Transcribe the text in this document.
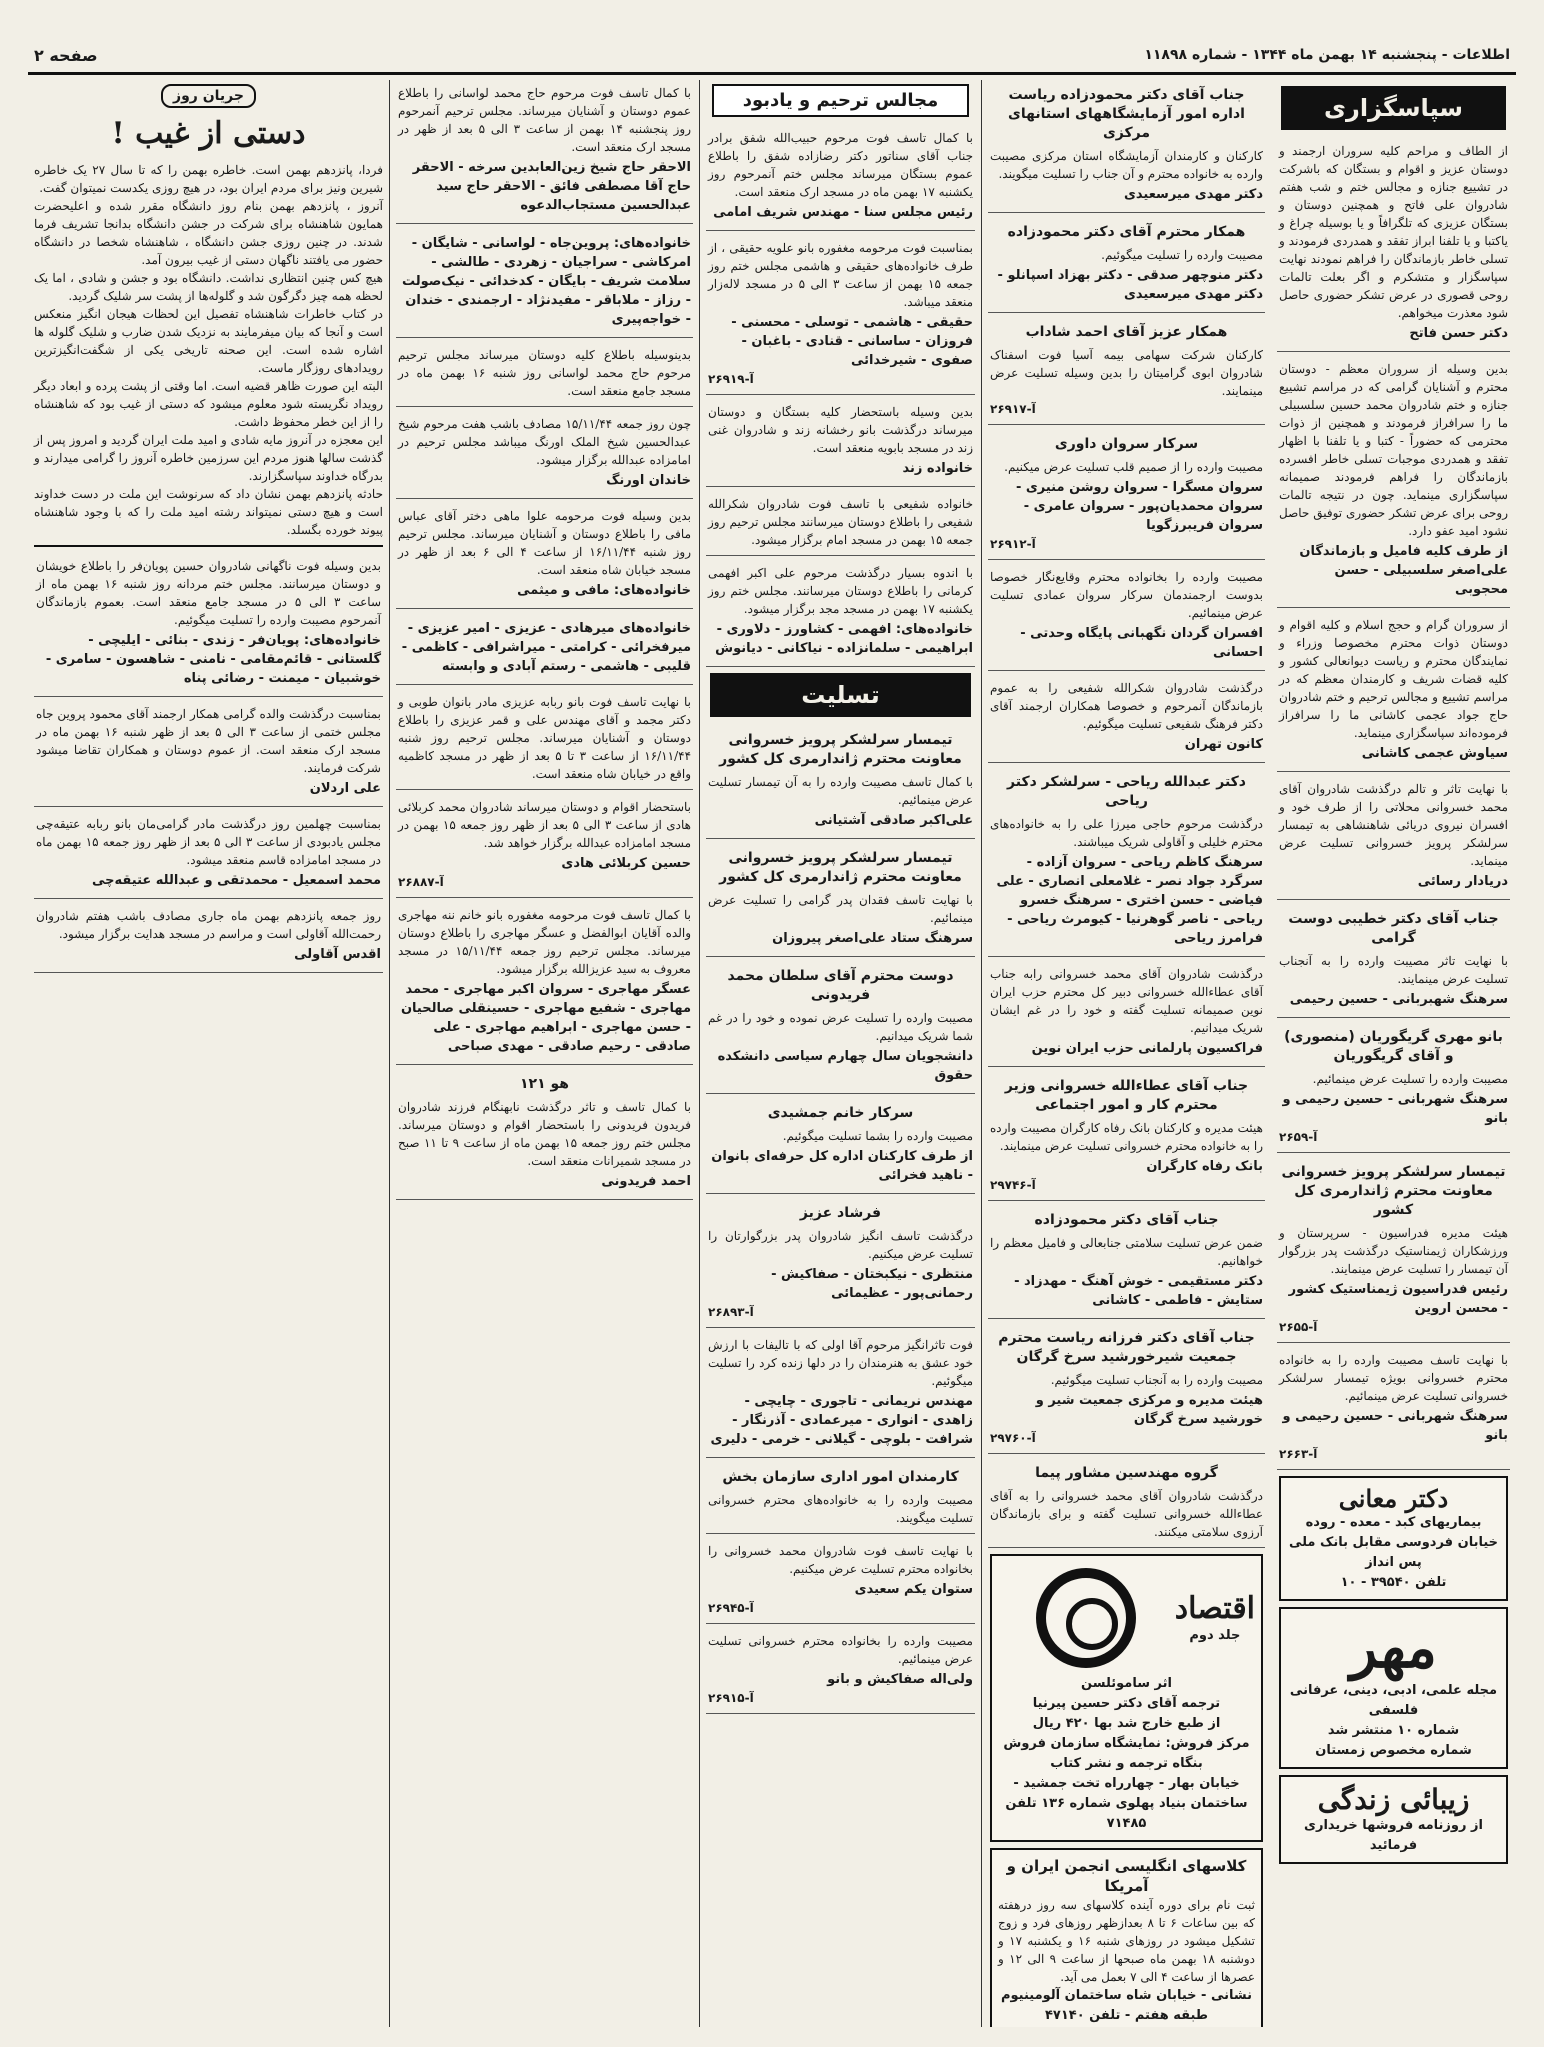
اطلاعات - پنجشنبه ۱۴ بهمن ماه ۱۳۴۴ - شماره ۱۱۸۹۸
صفحه ۲
جریان روز
دستی از غیب !

فردا، پانزدهم بهمن است. خاطره بهمن را که تا سال ۲۷ یک خاطره شیرین ونیز برای مردم ایران بود، در هیچ روزی یکدست نمیتوان گفت.

آنروز ، پانزدهم بهمن بنام روز دانشگاه مقرر شده و اعلیحضرت همایون شاهنشاه برای شرکت در جشن دانشگاه بدانجا تشریف فرما شدند. در چنین روزی جشن دانشگاه ، شاهنشاه شخصا در دانشگاه حضور می یافتند ناگهان دستی از غیب بیرون آمد.

هیچ کس چنین انتظاری نداشت. دانشگاه بود و جشن و شادی ، اما یک لحظه همه چیز دگرگون شد و گلوله‌ها از پشت سر شلیک گردید.

در کتاب خاطرات شاهنشاه تفصیل این لحظات هیجان انگیز منعکس است و آنجا که بیان میفرمایند به نزدیک شدن ضارب و شلیک گلوله ها اشاره شده است. این صحنه تاریخی یکی از شگفت‌انگیزترین رویدادهای روزگار ماست.

البته این صورت ظاهر قضیه است. اما وقتی از پشت پرده و ابعاد دیگر رویداد نگریسته شود معلوم میشود که دستی از غیب بود که شاهنشاه را از این خطر محفوظ داشت.

این معجزه در آنروز مایه شادی و امید ملت ایران گردید و امروز پس از گذشت سالها هنوز مردم این سرزمین خاطره آنروز را گرامی میدارند و بدرگاه خداوند سپاسگزارند.

حادثه پانزدهم بهمن نشان داد که سرنوشت این ملت در دست خداوند است و هیچ دستی نمیتواند رشته امید ملت را که با وجود شاهنشاه پیوند خورده بگسلد.

بدین وسیله فوت ناگهانی شادروان حسین پویان‌فر را باطلاع خویشان و دوستان میرسانند. مجلس ختم مردانه روز شنبه ۱۶ بهمن ماه از ساعت ۳ الی ۵ در مسجد جامع منعقد است. بعموم بازماندگان آنمرحوم مصیبت وارده را تسلیت میگوئیم.

خانواده‌های: پویان‌فر - زندی - بنائی - ایلیچی - گلستانی - قائم‌مقامی - نامنی - شاهسون - سامری - خوشبیان - میمنت - رضائی پناه

بمناسبت درگذشت والده گرامی همکار ارجمند آقای محمود پروین جاه مجلس ختمی از ساعت ۳ الی ۵ بعد از ظهر شنبه ۱۶ بهمن ماه در مسجد ارک منعقد است. از عموم دوستان و همکاران تقاضا میشود شرکت فرمایند.

علی اردلان

بمناسبت چهلمین روز درگذشت مادر گرامی‌مان بانو ربابه عتیقه‌چی مجلس یادبودی از ساعت ۳ الی ۵ بعد از ظهر روز جمعه ۱۵ بهمن ماه در مسجد امامزاده قاسم منعقد میشود.

محمد اسمعیل - محمدتقی و عبدالله عتیقه‌چی

روز جمعه پانزدهم بهمن ماه جاری مصادف باشب هفتم شادروان رحمت‌الله آقاولی است و مراسم در مسجد هدایت برگزار میشود.

اقدس آقاولی

با کمال تاسف فوت مرحوم حاج محمد لواسانی را باطلاع عموم دوستان و آشنایان میرساند. مجلس ترحیم آنمرحوم روز پنجشنبه ۱۴ بهمن از ساعت ۳ الی ۵ بعد از ظهر در مسجد ارک منعقد است.

الاحقر حاج شیخ زین‌العابدین سرخه - الاحقر حاج آقا مصطفی فائق - الاحقر حاج سید عبدالحسین مستجاب‌الدعوه
خانواده‌های: پروین‌جاه - لواسانی - شایگان - امرکاشی - سراجیان - زهردی - طالشی - سلامت شریف - بایگان - کدخدائی - نیک‌صولت - رزاز - ملاباقر - مفیدنژاد - ارجمندی - خندان - خواجه‌پیری

بدینوسیله باطلاع کلیه دوستان میرساند مجلس ترحیم مرحوم حاج محمد لواسانی روز شنبه ۱۶ بهمن ماه در مسجد جامع منعقد است.

چون روز جمعه ۱۵/۱۱/۴۴ مصادف باشب هفت مرحوم شیخ عبدالحسین شیخ الملک اورنگ میباشد مجلس ترحیم در امامزاده عبدالله برگزار میشود.

خاندان اورنگ

بدین وسیله فوت مرحومه علوا ماهی دختر آقای عباس مافی را باطلاع دوستان و آشنایان میرساند. مجلس ترحیم روز شنبه ۱۶/۱۱/۴۴ از ساعت ۴ الی ۶ بعد از ظهر در مسجد خیابان شاه منعقد است.

خانواده‌های: مافی و میثمی
خانواده‌های میرهادی - عزیزی - امیر عزیزی - میرفخرائی - کرامتی - میراشرافی - کاظمی - قلیبی - هاشمی - رستم آبادی و وابسته

با نهایت تاسف فوت بانو ربابه عزیزی مادر بانوان طوبی و دکتر مجمد و آقای مهندس علی و قمر عزیزی را باطلاع دوستان و آشنایان میرساند. مجلس ترحیم روز شنبه ۱۶/۱۱/۴۴ از ساعت ۳ تا ۵ بعد از ظهر در مسجد کاظمیه واقع در خیابان شاه منعقد است.

باستحضار اقوام و دوستان میرساند شادروان محمد کربلائی هادی از ساعت ۳ الی ۵ بعد از ظهر روز جمعه ۱۵ بهمن در مسجد امامزاده عبدالله برگزار خواهد شد.

حسین کربلائی هادی
آ-۲۶۸۸۷

با کمال تاسف فوت مرحومه مغفوره بانو خانم ننه مهاجری والده آقایان ابوالفضل و عسگر مهاجری را باطلاع دوستان میرساند. مجلس ترحیم روز جمعه ۱۵/۱۱/۴۴ در مسجد معروف به سید عزیزالله برگزار میشود.

عسگر مهاجری - سروان اکبر مهاجری - محمد مهاجری - شفیع مهاجری - حسینقلی صالحیان - حسن مهاجری - ابراهیم مهاجری - علی صادقی - رحیم صادقی - مهدی صباحی
هو ۱۲۱

با کمال تاسف و تاثر درگذشت نابهنگام فرزند شادروان فریدون فریدونی را باستحضار اقوام و دوستان میرساند. مجلس ختم روز جمعه ۱۵ بهمن ماه از ساعت ۹ تا ۱۱ صبح در مسجد شمیرانات منعقد است.

احمد فریدونی
مجالس ترحیم و یادبود

با کمال تاسف فوت مرحوم حبیب‌الله شفق برادر جناب آقای سناتور دکتر رضازاده شفق را باطلاع عموم بستگان میرساند مجلس ختم آنمرحوم روز یکشنبه ۱۷ بهمن ماه در مسجد ارک منعقد است.

رئیس مجلس سنا - مهندس شریف امامی

بمناسبت فوت مرحومه مغفوره بانو علویه حقیقی ، از طرف خانواده‌های حقیقی و هاشمی مجلس ختم روز جمعه ۱۵ بهمن از ساعت ۳ الی ۵ در مسجد لاله‌زار منعقد میباشد.

حقیقی - هاشمی - توسلی - محسنی - فروزان - ساسانی - قنادی - باغبان - صفوی - شیرخدائی
آ-۲۶۹۱۹

بدین وسیله باستحضار کلیه بستگان و دوستان میرساند درگذشت بانو رخشانه زند و شادروان غنی زند در مسجد بابویه منعقد است.

خانواده زند

خانواده شفیعی با تاسف فوت شادروان شکرالله شفیعی را باطلاع دوستان میرسانند مجلس ترحیم روز جمعه ۱۵ بهمن در مسجد امام برگزار میشود.

با اندوه بسیار درگذشت مرحوم علی اکبر افهمی کرمانی را باطلاع دوستان میرسانند. مجلس ختم روز یکشنبه ۱۷ بهمن در مسجد مجد برگزار میشود.

خانواده‌های: افهمی - کشاورز - دلاوری - ابراهیمی - سلمانزاده - نیاکانی - دیانوش
تسلیت
تیمسار سرلشکر پرویز خسروانی معاونت محترم ژاندارمری کل کشور

با کمال تاسف مصیبت وارده را به آن تیمسار تسلیت عرض مینمائیم.

علی‌اکبر صادقی آشتیانی
تیمسار سرلشکر پرویز خسروانی معاونت محترم ژاندارمری کل کشور

با نهایت تاسف فقدان پدر گرامی را تسلیت عرض مینمائیم.

سرهنگ ستاد علی‌اصغر پیروزان
دوست محترم آقای سلطان محمد فریدونی

مصیبت وارده را تسلیت عرض نموده و خود را در غم شما شریک میدانیم.

دانشجویان سال چهارم سیاسی دانشکده حقوق
سرکار خانم جمشیدی

مصیبت وارده را بشما تسلیت میگوئیم.

از طرف کارکنان اداره کل حرفه‌ای بانوان - ناهید فخرائی
فرشاد عزیز

درگذشت تاسف انگیز شادروان پدر بزرگوارتان را تسلیت عرض میکنیم.

منتظری - نیکبختان - صفاکیش - رحمانی‌پور - عظیمائی
آ-۲۶۸۹۳

فوت تاثرانگیز مرحوم آقا اولی که با تالیفات با ارزش خود عشق به هنرمندان را در دلها زنده کرد را تسلیت میگوئیم.

مهندس نریمانی - تاجوری - چایچی - زاهدی - انواری - میرعمادی - آذرنگار - شرافت - بلوچی - گیلانی - خرمی - دلیری
کارمندان امور اداری سازمان بخش

مصیبت وارده را به خانواده‌های محترم خسروانی تسلیت میگویند.

با نهایت تاسف فوت شادروان محمد خسروانی را بخانواده محترم تسلیت عرض میکنیم.

ستوان یکم سعیدی
آ-۲۶۹۴۵

مصیبت وارده را بخانواده محترم خسروانی تسلیت عرض مینمائیم.

ولی‌اله صفاکیش و بانو
آ-۲۶۹۱۵
جناب آقای دکتر محمودزاده ریاست اداره امور آزمایشگاههای استانهای مرکزی

کارکنان و کارمندان آزمایشگاه استان مرکزی مصیبت وارده به خانواده محترم و آن جناب را تسلیت میگویند.

دکتر مهدی میرسعیدی
همکار محترم آقای دکتر محمودزاده

مصیبت وارده را تسلیت میگوئیم.

دکتر منوچهر صدقی - دکتر بهزاد اسپانلو - دکتر مهدی میرسعیدی
همکار عزیز آقای احمد شاداب

کارکنان شرکت سهامی بیمه آسیا فوت اسفناک شادروان ابوی گرامیتان را بدین وسیله تسلیت عرض مینمایند.

آ-۲۶۹۱۷
سرکار سروان داوری

مصیبت وارده را از صمیم قلب تسلیت عرض میکنیم.

سروان مسگرا - سروان روشن منیری - سروان محمدیان‌پور - سروان عامری - سروان فریبرزگویا
آ-۲۶۹۱۲

مصیبت وارده را بخانواده محترم وقایع‌نگار خصوصا بدوست ارجمندمان سرکار سروان عمادی تسلیت عرض مینمائیم.

افسران گردان نگهبانی پایگاه وحدتی - احسانی

درگذشت شادروان شکرالله شفیعی را به عموم بازماندگان آنمرحوم و خصوصا همکاران ارجمند آقای دکتر فرهنگ شفیعی تسلیت میگوئیم.

کانون تهران
دکتر عبدالله ریاحی - سرلشکر دکتر ریاحی

درگذشت مرحوم حاجی میرزا علی را به خانواده‌های محترم خلیلی و آقاولی شریک میباشند.

سرهنگ کاظم ریاحی - سروان آزاده - سرگرد جواد نصر - غلامعلی انصاری - علی فیاضی - حسن اختری - سرهنگ خسرو ریاحی - ناصر گوهرنیا - کیومرث ریاحی - فرامرز ریاحی

درگذشت شادروان آقای محمد خسروانی رابه جناب آقای عطاءالله خسروانی دبیر کل محترم حزب ایران نوین صمیمانه تسلیت گفته و خود را در غم ایشان شریک میدانیم.

فراکسیون پارلمانی حزب ایران نوین
جناب آقای عطاءالله خسروانی وزیر محترم کار و امور اجتماعی

هیئت مدیره و کارکنان بانک رفاه کارگران مصیبت وارده را به خانواده محترم خسروانی تسلیت عرض مینمایند.

بانک رفاه کارگران
آ-۲۹۷۴۶
جناب آقای دکتر محمودزاده

ضمن عرض تسلیت سلامتی جنابعالی و فامیل معظم را خواهانیم.

دکتر مستقیمی - خوش آهنگ - مهدزاد - ستایش - فاطمی - کاشانی
جناب آقای دکتر فرزانه ریاست محترم جمعیت شیرخورشید سرخ گرگان

مصیبت وارده را به آنجناب تسلیت میگوئیم.

هیئت مدیره و مرکزی جمعیت شیر و خورشید سرخ گرگان
آ-۲۹۷۶۰
گروه مهندسین مشاور پیما

درگذشت شادروان آقای محمد خسروانی را به آقای عطاءالله خسروانی تسلیت گفته و برای بازماندگان آرزوی سلامتی میکنند.

اقتصاد
جلد دوم
اثر ساموئلسن
ترجمه آقای دکتر حسین پیرنیا
از طبع خارج شد بها ۴۲۰ ریال
مرکز فروش: نمایشگاه سازمان فروش بنگاه ترجمه و نشر کتاب
خیابان بهار - چهارراه تخت جمشید - ساختمان بنیاد پهلوی شماره ۱۳۶ تلفن ۷۱۴۸۵
کلاسهای انگلیسی انجمن ایران و آمریکا

ثبت نام برای دوره آینده کلاسهای سه روز درهفته که بین ساعات ۶ تا ۸ بعدازظهر روزهای فرد و زوج تشکیل میشود در روزهای شنبه ۱۶ و یکشنبه ۱۷ و دوشنبه ۱۸ بهمن ماه صبحها از ساعت ۹ الی ۱۲ و عصرها از ساعت ۴ الی ۷ بعمل می آید.

نشانی - خیابان شاه ساختمان آلومینیوم طبقه هفتم - تلفن ۴۷۱۴۰
سپاسگزاری

از الطاف و مراحم کلیه سروران ارجمند و دوستان عزیز و اقوام و بستگان که باشرکت در تشییع جنازه و مجالس ختم و شب هفتم شادروان علی فاتح و همچنین دوستان و بستگان عزیزی که تلگرافاً و یا بوسیله چراغ و یاکتبا و یا تلفنا ابراز تفقد و همدردی فرمودند و تسلی خاطر بازماندگان را فراهم نمودند نهایت سپاسگزار و متشکرم و اگر بعلت تالمات روحی قصوری در عرض تشکر حضوری حاصل شود معذرت میخواهم.

دکتر حسن فاتح

بدین وسیله از سروران معظم - دوستان محترم و آشنایان گرامی که در مراسم تشییع جنازه و ختم شادروان محمد حسین سلسبیلی ما را سرافراز فرمودند و همچنین از ذوات محترمی که حضوراً - کتبا و یا تلفنا با اظهار تفقد و همدردی موجبات تسلی خاطر افسرده بازماندگان را فراهم فرمودند صمیمانه سپاسگزاری مینماید. چون در نتیجه تالمات روحی برای عرض تشکر حضوری توفیق حاصل نشود امید عفو دارد.

از طرف کلیه فامیل و بازماندگان علی‌اصغر سلسبیلی - حسن محجوبی

از سروران گرام و حجج اسلام و کلیه اقوام و دوستان ذوات محترم مخصوصا وزراء و نمایندگان محترم و ریاست دیوانعالی کشور و کلیه قضات شریف و کارمندان معظم که در مراسم تشییع و مجالس ترحیم و ختم شادروان حاج جواد عجمی کاشانی ما را سرافراز فرموده‌اند سپاسگزاری مینماید.

سیاوش عجمی کاشانی

با نهایت تاثر و تالم درگذشت شادروان آقای محمد خسروانی محلاتی را از طرف خود و افسران نیروی دریائی شاهنشاهی به تیمسار سرلشکر پرویز خسروانی تسلیت عرض مینماید.

دریادار رسائی
جناب آقای دکتر خطیبی دوست گرامی

با نهایت تاثر مصیبت وارده را به آنجناب تسلیت عرض مینمایند.

سرهنگ شهبربانی - حسین رحیمی
بانو مهری گریگوریان (منصوری) و آقای گریگوریان

مصیبت وارده را تسلیت عرض مینمائیم.

سرهنگ شهربانی - حسین رحیمی و بانو
آ-۲۶۵۹
تیمسار سرلشکر پرویز خسروانی معاونت محترم ژاندارمری کل کشور

هیئت مدیره فدراسیون - سرپرستان و ورزشکاران ژیمناستیک درگذشت پدر بزرگوار آن تیمسار را تسلیت عرض مینمایند.

رئیس فدراسیون ژیمناستیک کشور - محسن اروین
آ-۲۶۵۵

با نهایت تاسف مصیبت وارده را به خانواده محترم خسروانی بویژه تیمسار سرلشکر خسروانی تسلیت عرض مینمائیم.

سرهنگ شهربانی - حسین رحیمی و بانو
آ-۲۶۶۳
دکتر معانی
بیماریهای کبد - معده - روده
خیابان فردوسی مقابل بانک ملی پس انداز
تلفن ۳۹۵۴۰ - ۱۰
مهر
مجله علمی، ادبی، دینی، عرفانی فلسفی
شماره ۱۰ منتشر شد
شماره مخصوص زمستان
زیبائی زندگی
از روزنامه فروشها خریداری فرمائید
